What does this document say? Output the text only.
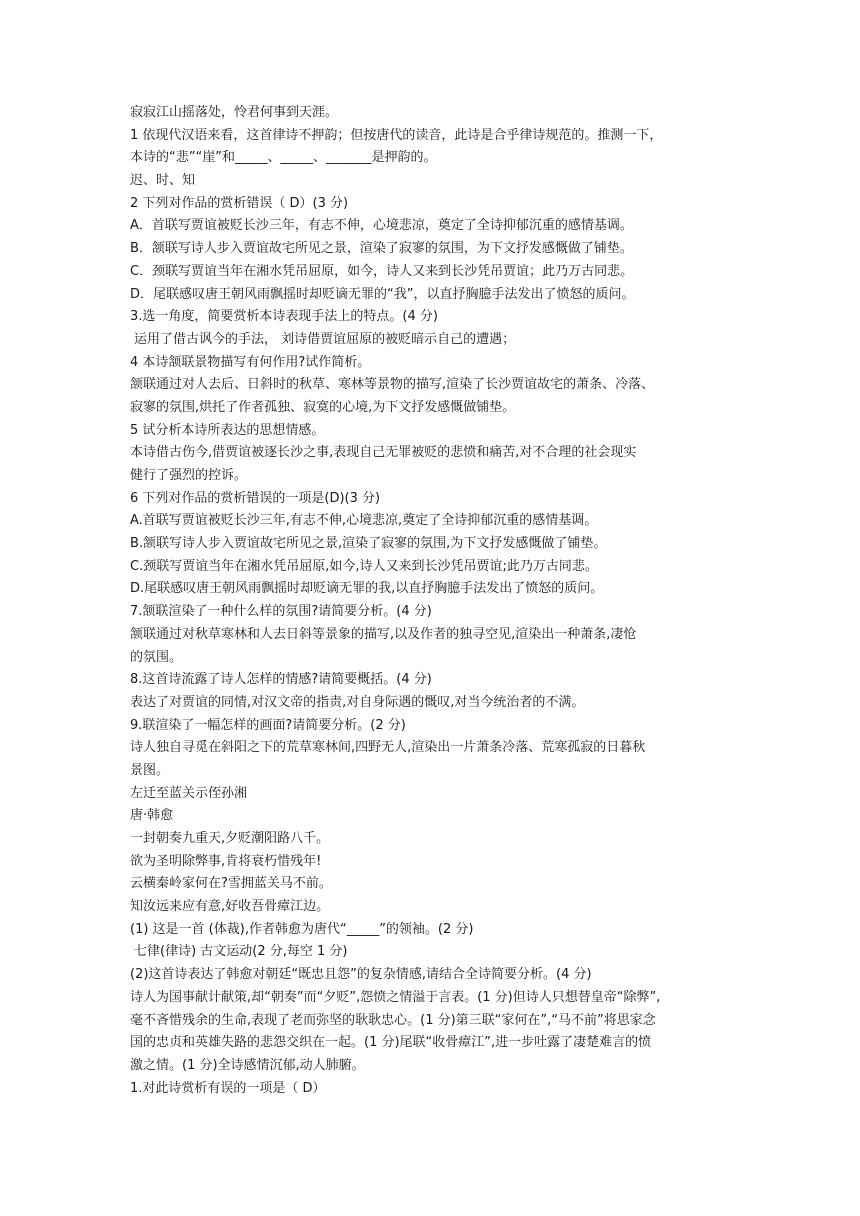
寂寂江山摇落处，怜君何事到天涯。
1 依现代汉语来看，这首律诗不押韵；但按唐代的读音，此诗是合乎律诗规范的。推测一下，
本诗的“悲”“崖”和_____、_____、_______是押韵的。
迟、时、知
2 下列对作品的赏析错误（ D）(3 分)
A．首联写贾谊被贬长沙三年，有志不伸，心境悲凉，奠定了全诗抑郁沉重的感情基调。
B．颔联写诗人步入贾谊故宅所见之景，渲染了寂寥的氛围，为下文抒发感慨做了铺垫。
C．颈联写贾谊当年在湘水凭吊屈原，如今，诗人又来到长沙凭吊贾谊；此乃万古同悲。
D．尾联感叹唐王朝风雨飘摇时却贬谪无罪的“我”，以直抒胸臆手法发出了愤怒的质问。
3.选一角度，简要赏析本诗表现手法上的特点。(4 分)
运用了借古讽今的手法， 刘诗借贾谊屈原的被贬暗示自己的遭遇；
4 本诗颔联景物描写有何作用?试作简析。
颔联通过对人去后、日斜时的秋草、寒林等景物的描写,渲染了长沙贾谊故宅的萧条、冷落、
寂寥的氛围,烘托了作者孤独、寂寞的心境,为下文抒发感慨做铺垫。
5 试分析本诗所表达的思想情感。
本诗借古伤今,借贾谊被逐长沙之事,表现自己无罪被贬的悲愤和痛苦,对不合理的社会现实
健行了强烈的控诉。
6 下列对作品的赏析错误的一项是(D)(3 分)
A.首联写贾谊被贬长沙三年,有志不伸,心境悲凉,奠定了全诗抑郁沉重的感情基调。
B.颔联写诗人步入贾谊故宅所见之景,渲染了寂寥的氛围,为下文抒发感慨做了铺垫。
C.颈联写贾谊当年在湘水凭吊屈原,如今,诗人又来到长沙凭吊贾谊;此乃万古同悲。
D.尾联感叹唐王朝风雨飘摇时却贬谪无罪的我,以直抒胸臆手法发出了愤怒的质问。
7.颔联渲染了一种什么样的氛围?请简要分析。(4 分)
颔联通过对秋草寒林和人去日斜等景象的描写,以及作者的独寻空见,渲染出一种萧条,凄怆
的氛围。
8.这首诗流露了诗人怎样的情感?请简要概括。(4 分)
表达了对贾谊的同情,对汉文帝的指责,对自身际遇的慨叹,对当今统治者的不满。
9.联渲染了一幅怎样的画面?请简要分析。(2 分)
诗人独自寻觅在斜阳之下的荒草寒林间,四野无人,渲染出一片萧条冷落、荒寒孤寂的日暮秋
景图。
左迁至蓝关示侄孙湘
唐·韩愈
一封朝奏九重天,夕贬潮阳路八千。
欲为圣明除弊事,肯将衰朽惜残年!
云横秦岭家何在?雪拥蓝关马不前。
知汝远来应有意,好收吾骨瘴江边。
(1) 这是一首 (体裁),作者韩愈为唐代“_____”的领袖。(2 分)
七律(律诗) 古文运动(2 分,每空 1 分)
(2)这首诗表达了韩愈对朝廷“既忠且怨”的复杂情感,请结合全诗简要分析。(4 分)
诗人为国事献计献策,却“朝奏”而“夕贬”,怨愤之情溢于言表。(1 分)但诗人只想替皇帝“除弊”,
毫不吝惜残余的生命,表现了老而弥坚的耿耿忠心。(1 分)第三联“家何在”,“马不前”将思家念
国的忠贞和英雄失路的悲怨交织在一起。(1 分)尾联“收骨瘴江”,进一步吐露了凄楚难言的愤
激之情。(1 分)全诗感情沉郁,动人肺腑。
1.对此诗赏析有误的一项是（ D）
